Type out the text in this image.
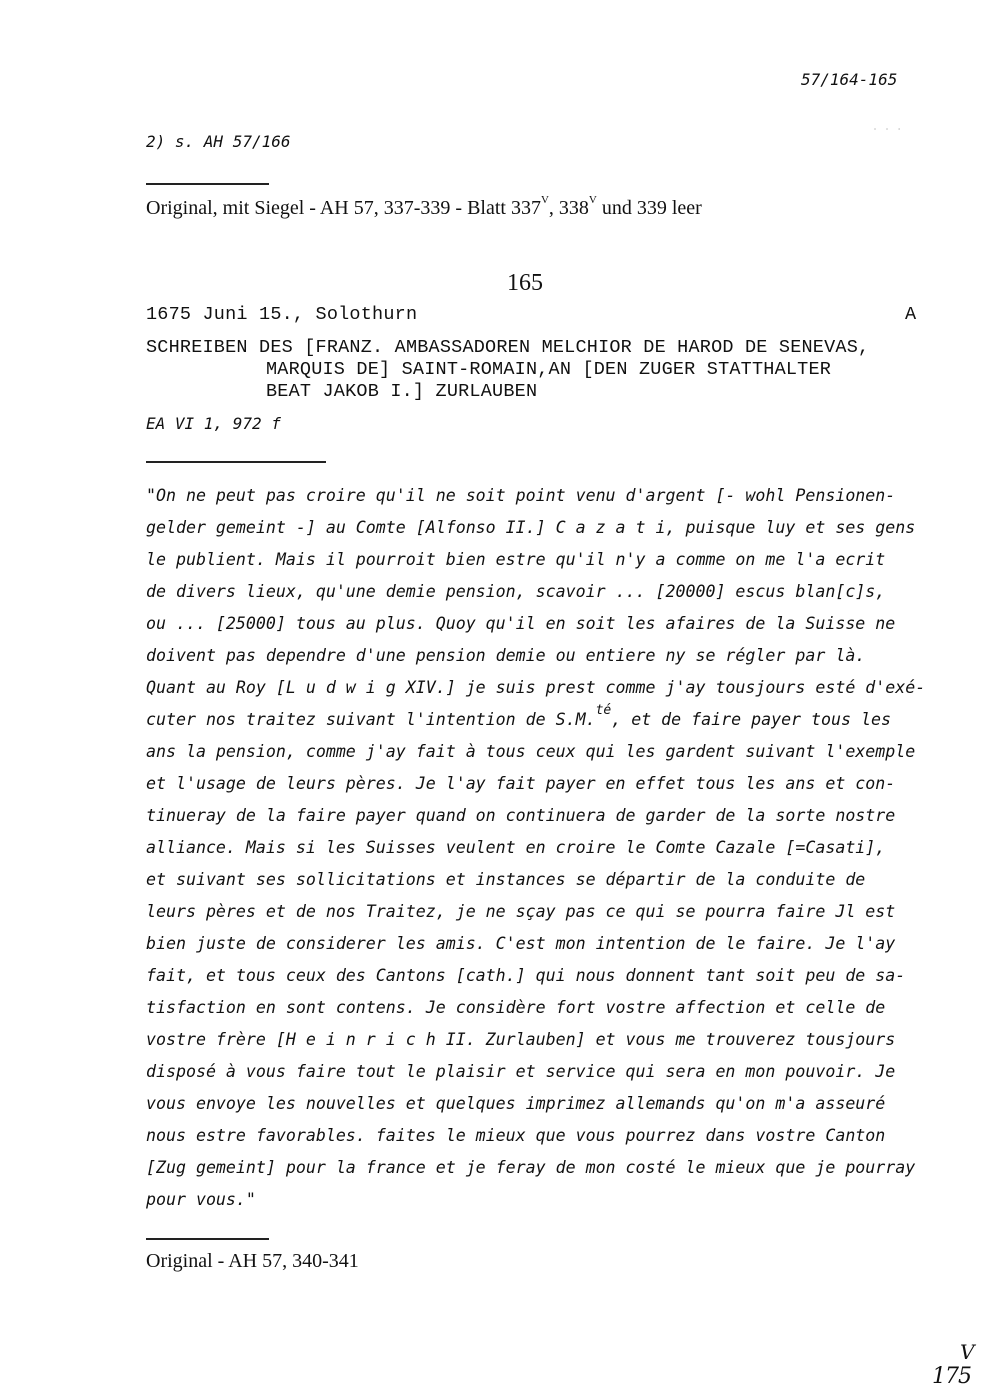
57/164-165
2) s. AH 57/166	˙ ˙ ˙
Original, mit Siegel - AH 57, 337-339 - Blatt $337^V$, $338^V$ und 339 leer
165
1675 Juni 15., Solothurn	A
SCHREIBEN DES [FRANZ. AMBASSADOREN MELCHIOR DE HAROD DE SENEVAS,
MARQUIS DE] SAINT-ROMAIN,AN [DEN ZUGER STATTHALTER
BEAT JAKOB I.] ZURLAUBEN
EA VI 1, 972 f
"On ne peut pas croire qu'il ne soit point venu d'argent [- wohl Pensionen-
gelder gemeint -] au Comte [Alfonso II.] C a z a t i, puisque luy et ses gens
le publient. Mais il pourroit bien estre qu'il n'y a comme on me l'a ecrit
de divers lieux, qu'une demie pension, scavoir ... [20000] escus blan[c]s,
ou ... [25000] tous au plus. Quoy qu'il en soit les afaires de la Suisse ne
doivent pas dependre d'une pension demie ou entiere ny se régler par là.
Quant au Roy [L u d w i g XIV.] je suis prest comme j'ay tousjours esté d'exé-
cuter nos traitez suivant l'intention de S.M.$^{té}$, et de faire payer tous les
ans la pension, comme j'ay fait à tous ceux qui les gardent suivant l'exemple
et l'usage de leurs pères. Je l'ay fait payer en effet tous les ans et con-
tinueray de la faire payer quand on continuera de garder de la sorte nostre
alliance. Mais si les Suisses veulent en croire le Comte Cazale [=Casati],
et suivant ses sollicitations et instances se départir de la conduite de
leurs pères et de nos Traitez, je ne sçay pas ce qui se pourra faire Jl est
bien juste de considerer les amis. C'est mon intention de le faire. Je l'ay
fait, et tous ceux des Cantons [cath.] qui nous donnent tant soit peu de sa-
tisfaction en sont contens. Je considère fort vostre affection et celle de
vostre frère [H e i n r i c h II. Zurlauben] et vous me trouverez tousjours
disposé à vous faire tout le plaisir et service qui sera en mon pouvoir. Je
vous envoye les nouvelles et quelques imprimez allemands qu'on m'a asseuré
nous estre favorables. faites le mieux que vous pourrez dans vostre Canton
[Zug gemeint] pour la france et je feray de mon costé le mieux que je pourray
pour vous."
Original - AH 57, 340-341
V
175
